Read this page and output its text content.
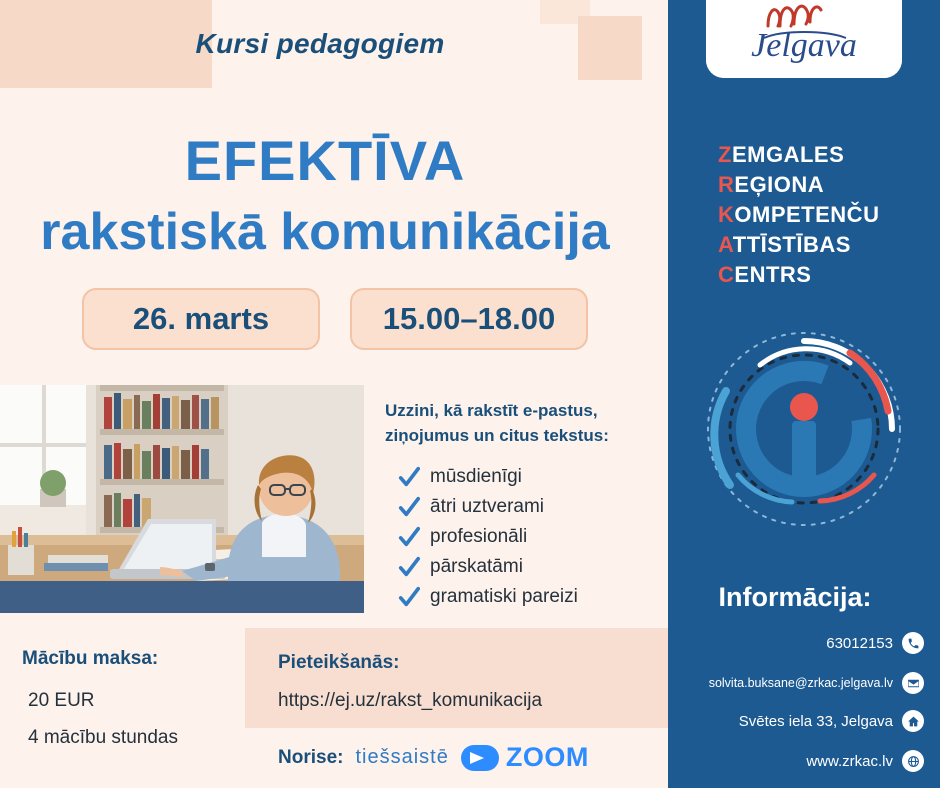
Kursi pedagogiem
EFEKTĪVA
rakstiskā komunikācija
26. marts	15.00–18.00
Uzzini, kā rakstīt e-pastus,
ziņojumus un citus tekstus:
mūsdienīgi
ātri uztverami
profesionāli
pārskatāmi
gramatiski pareizi
Mācību maksa:
20 EUR
4 mācību stundas
Pieteikšanās:
https://ej.uz/rakst_komunikacija
Norise: tiešsaistē ZOOM
Jelgava
ZEMGALES
REĢIONA
KOMPETENČU
ATTĪSTĪBAS
CENTRS
Informācija:
63012153
solvita.buksane@zrkac.jelgava.lv
Svētes iela 33, Jelgava
www.zrkac.lv
